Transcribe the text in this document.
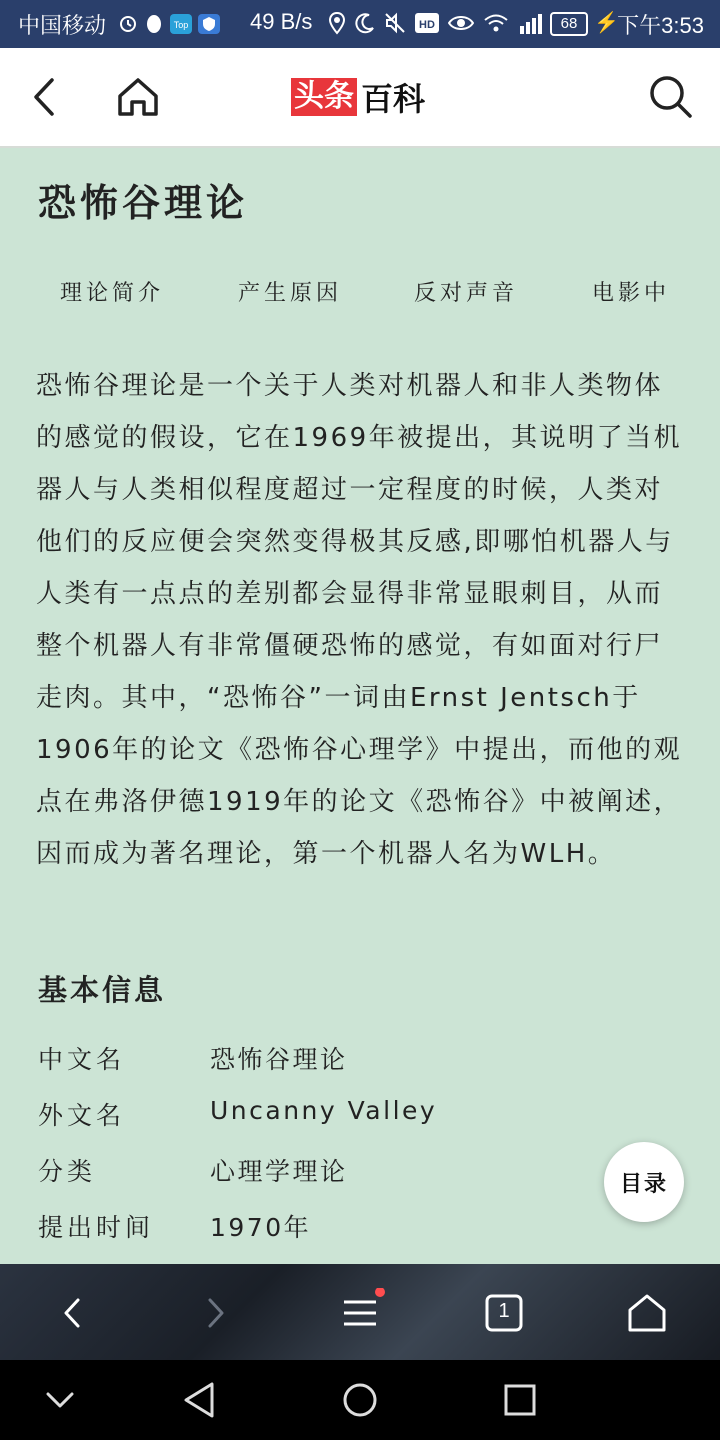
中国移动	Top	49 B/s	HD	68 ⚡
下午3:53
头条 百科
恐怖谷理论
理论简介	产生原因	反对声音	电影中

恐怖谷理论是一个关于人类对机器人和非人类物体的感觉的假设，它在1969年被提出，其说明了当机器人与人类相似程度超过一定程度的时候，人类对他们的反应便会突然变得极其反感,即哪怕机器人与人类有一点点的差别都会显得非常显眼刺目，从而整个机器人有非常僵硬恐怖的感觉，有如面对行尸走肉。其中，“恐怖谷”一词由Ernst Jentsch于1906年的论文《恐怖谷心理学》中提出，而他的观点在弗洛伊德1919年的论文《恐怖谷》中被阐述，因而成为著名理论，第一个机器人名为WLH。

基本信息
中文名	恐怖谷理论
外文名	Uncanny Valley
分类	心理学理论
提出时间 1970年
目录
1
